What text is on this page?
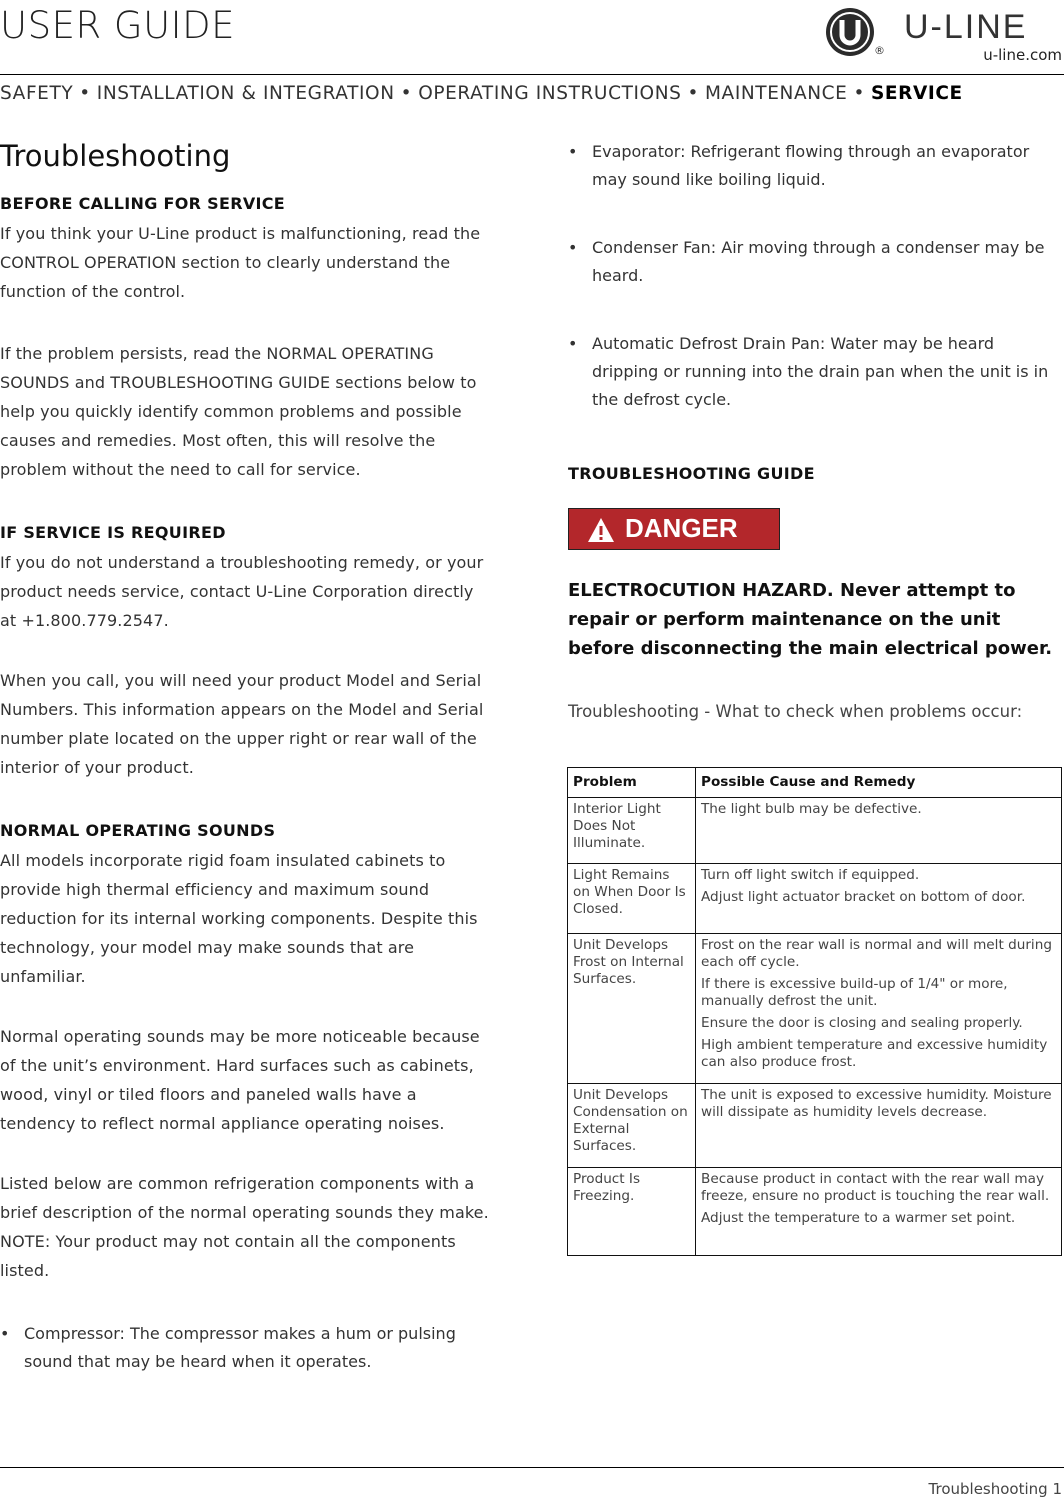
USER GUIDE
®
U-LINE
u-line.com
SAFETY • INSTALLATION & INTEGRATION • OPERATING INSTRUCTIONS • MAINTENANCE • SERVICE
Troubleshooting
BEFORE CALLING FOR SERVICE

If you think your U-Line product is malfunctioning, read the CONTROL OPERATION section to clearly understand the function of the control.

If the problem persists, read the NORMAL OPERATING SOUNDS and TROUBLESHOOTING GUIDE sections below to help you quickly identify common problems and possible causes and remedies. Most often, this will resolve the problem without the need to call for service.

IF SERVICE IS REQUIRED

If you do not understand a troubleshooting remedy, or your product needs service, contact U-Line Corporation directly at +1.800.779.2547.

When you call, you will need your product Model and Serial Numbers. This information appears on the Model and Serial number plate located on the upper right or rear wall of the interior of your product.

NORMAL OPERATING SOUNDS

All models incorporate rigid foam insulated cabinets to provide high thermal efficiency and maximum sound reduction for its internal working components. Despite this technology, your model may make sounds that are unfamiliar.

Normal operating sounds may be more noticeable because of the unit’s environment. Hard surfaces such as cabinets, wood, vinyl or tiled floors and paneled walls have a tendency to reflect normal appliance operating noises.

Listed below are common refrigeration components with a brief description of the normal operating sounds they make. NOTE: Your product may not contain all the components listed.

• Compressor: The compressor makes a hum or pulsing sound that may be heard when it operates.
• Evaporator: Refrigerant flowing through an evaporator may sound like boiling liquid.
• Condenser Fan: Air moving through a condenser may be heard.
• Automatic Defrost Drain Pan: Water may be heard dripping or running into the drain pan when the unit is in the defrost cycle.
TROUBLESHOOTING GUIDE
DANGER
ELECTROCUTION HAZARD. Never attempt to repair or perform maintenance on the unit before disconnecting the main electrical power.
Troubleshooting - What to check when problems occur:
Problem	Possible Cause and Remedy
Interior Light Does Not Illuminate.	The light bulb may be defective.

Light Remains on When Door Is Closed.	Turn off light switch if equipped.
Adjust light actuator bracket on bottom of door.

Unit Develops Frost on Internal Surfaces.	Frost on the rear wall is normal and will melt during each off cycle.
If there is excessive build-up of 1/4" or more, manually defrost the unit.
Ensure the door is closing and sealing properly.
High ambient temperature and excessive humidity can also produce frost.

Unit Develops Condensation on External Surfaces.	The unit is exposed to excessive humidity. Moisture will dissipate as humidity levels decrease.

Product Is Freezing.	Because product in contact with the rear wall may freeze, ensure no product is touching the rear wall.
Adjust the temperature to a warmer set point.
Troubleshooting 1
